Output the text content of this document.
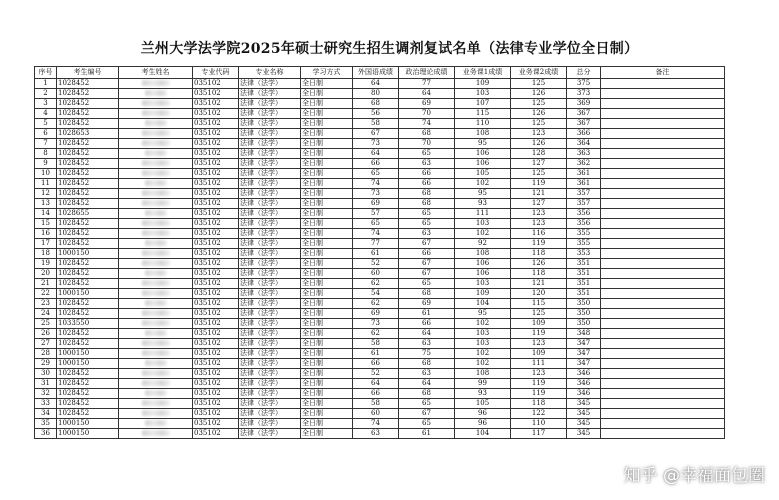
兰州大学法学院2025年硕士研究生招生调剂复试名单（法律专业学位全日制）
序号	考生编号	考生姓名	专业代码	专业名称	学习方式	外国语成绩	政治理论成绩	业务课1成绩	业务课2成绩	总分	备注
1	1028452		035102	法律（法学）	全日制	64	77	109	125	375	
2	1028452		035102	法律（法学）	全日制	80	64	103	126	373	
3	1028452		035102	法律（法学）	全日制	68	69	107	125	369	
4	1028452		035102	法律（法学）	全日制	56	70	115	126	367	
5	1028452		035102	法律（法学）	全日制	58	74	110	125	367	
6	1028653		035102	法律（法学）	全日制	67	68	108	123	366	
7	1028452		035102	法律（法学）	全日制	73	70	95	126	364	
8	1028452		035102	法律（法学）	全日制	64	65	106	128	363	
9	1028452		035102	法律（法学）	全日制	66	63	106	127	362	
10	1028452		035102	法律（法学）	全日制	65	66	105	125	361	
11	1028452		035102	法律（法学）	全日制	74	66	102	119	361	
12	1028452		035102	法律（法学）	全日制	73	68	95	121	357	
13	1028452		035102	法律（法学）	全日制	69	68	93	127	357	
14	1028655		035102	法律（法学）	全日制	57	65	111	123	356	
15	1028452		035102	法律（法学）	全日制	65	65	103	123	356	
16	1028452		035102	法律（法学）	全日制	74	63	102	116	355	
17	1028452		035102	法律（法学）	全日制	77	67	92	119	355	
18	1000150		035102	法律（法学）	全日制	61	66	108	118	353	
19	1028452		035102	法律（法学）	全日制	52	67	106	126	351	
20	1028452		035102	法律（法学）	全日制	60	67	106	118	351	
21	1028452		035102	法律（法学）	全日制	62	65	103	121	351	
22	1000150		035102	法律（法学）	全日制	54	68	109	120	351	
23	1028452		035102	法律（法学）	全日制	62	69	104	115	350	
24	1028452		035102	法律（法学）	全日制	69	61	95	125	350	
25	1033550		035102	法律（法学）	全日制	73	66	102	109	350	
26	1028452		035102	法律（法学）	全日制	62	64	103	119	348	
27	1028452		035102	法律（法学）	全日制	58	63	103	123	347	
28	1000150		035102	法律（法学）	全日制	61	75	102	109	347	
29	1000150		035102	法律（法学）	全日制	66	68	102	111	347	
30	1028452		035102	法律（法学）	全日制	52	63	108	123	346	
31	1028452		035102	法律（法学）	全日制	64	64	99	119	346	
32	1028452		035102	法律（法学）	全日制	66	68	93	119	346	
33	1028452		035102	法律（法学）	全日制	58	65	105	118	345	
34	1028452		035102	法律（法学）	全日制	60	67	96	122	345	
35	1000150		035102	法律（法学）	全日制	74	65	96	110	345	
36	1000150		035102	法律（法学）	全日制	63	61	104	117	345	
知乎 @幸福面包圈
